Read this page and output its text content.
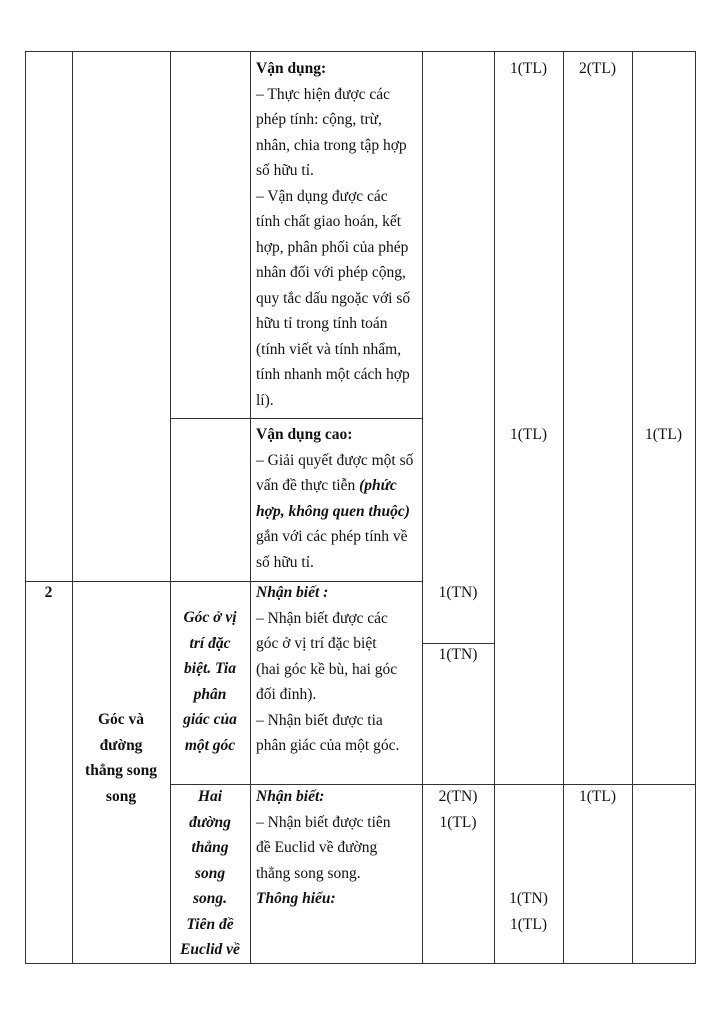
Vận dụng:
– Thực hiện được các
phép tính: cộng, trừ,
nhân, chia trong tập hợp
số hữu tỉ.
– Vận dụng được các
tính chất giao hoán, kết
hợp, phân phối của phép
nhân đối với phép cộng,
quy tắc dấu ngoặc với số
hữu tỉ trong tính toán
(tính viết và tính nhẩm,
tính nhanh một cách hợp
lí).
1(TL)	2(TL)
Vận dụng cao:
– Giải quyết được một số
vấn đề thực tiễn (phức
hợp, không quen thuộc)
gắn với các phép tính về
số hữu tỉ.
1(TL)	1(TL)
2
Góc và
đường
thẳng song
song
Góc ở vị
trí đặc
biệt. Tia
phân
giác của
một góc
Nhận biết :
– Nhận biết được các
góc ở vị trí đặc biệt
(hai góc kề bù, hai góc
đối đỉnh).
– Nhận biết được tia
phân giác của một góc.
1(TN)
1(TN)
Hai
đường
thẳng
song
song.
Tiên đề
Euclid về
Nhận biết:
– Nhận biết được tiên
đề Euclid về đường
thẳng song song.
Thông hiểu:
2(TN)
1(TL)
1(TN)
1(TL)
1(TL)
